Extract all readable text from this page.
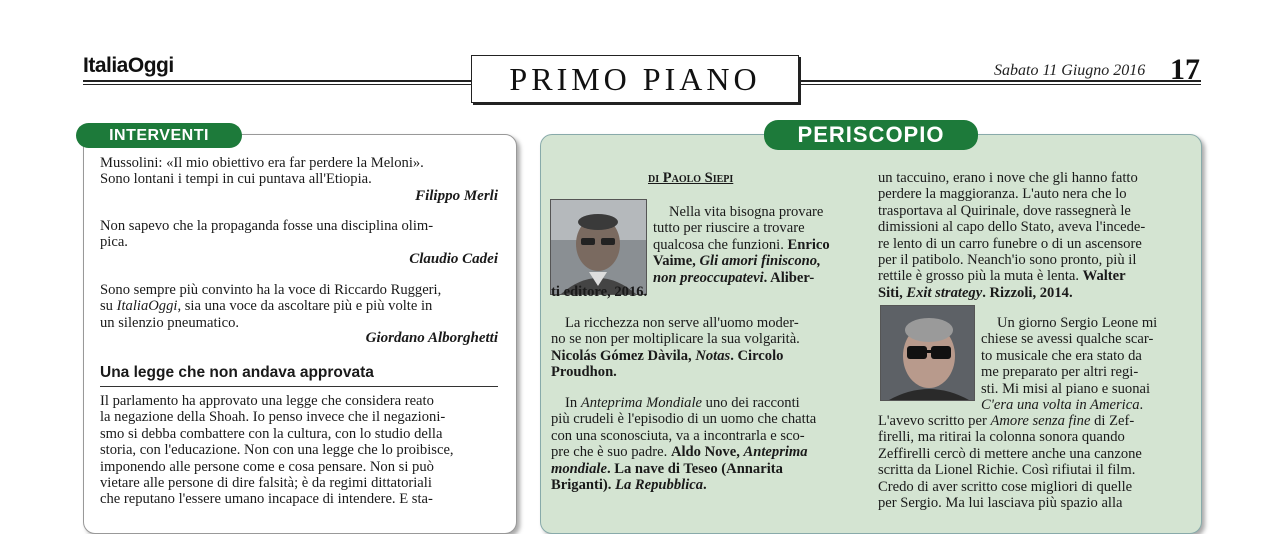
ItaliaOggi	PRIMO PIANO	Sabato 11 Giugno 2016 17
INTERVENTI
Mussolini: «Il mio obiettivo era far perdere la Meloni».
Sono lontani i tempi in cui puntava all'Etiopia.
Filippo Merli
Non sapevo che la propaganda fosse una disciplina olim-
pica.
Claudio Cadei
Sono sempre più convinto ha la voce di Riccardo Ruggeri,
su ItaliaOggi, sia una voce da ascoltare più e più volte in
un silenzio pneumatico.
Giordano Alborghetti
Una legge che non andava approvata
Il parlamento ha approvato una legge che considera reato
la negazione della Shoah. Io penso invece che il negazioni-
smo si debba combattere con la cultura, con lo studio della
storia, con l'educazione. Non con una legge che lo proibisce,
imponendo alle persone come e cosa pensare. Non si può
vietare alle persone di dire falsità; è da regimi dittatoriali
che reputano l'essere umano incapace di intendere. E sta-
PERISCOPIO
di Paolo Siepi
Nella vita bisogna provare
tutto per riuscire a trovare
qualcosa che funzioni. Enrico
Vaime, Gli amori finiscono,
non preoccupatevi. Aliber-
ti editore, 2016.
La ricchezza non serve all'uomo moder-
no se non per moltiplicare la sua volgarità.
Nicolás Gómez Dàvila, Notas. Circolo
Proudhon.
In Anteprima Mondiale uno dei racconti
più crudeli è l'episodio di un uomo che chatta
con una sconosciuta, va a incontrarla e sco-
pre che è suo padre. Aldo Nove, Anteprima
mondiale. La nave di Teseo (Annarita
Briganti). La Repubblica.
un taccuino, erano i nove che gli hanno fatto
perdere la maggioranza. L'auto nera che lo
trasportava al Quirinale, dove rassegnerà le
dimissioni al capo dello Stato, aveva l'incede-
re lento di un carro funebre o di un ascensore
per il patibolo. Neanch'io sono pronto, più il
rettile è grosso più la muta è lenta. Walter
Siti, Exit strategy. Rizzoli, 2014.
Un giorno Sergio Leone mi
chiese se avessi qualche scar-
to musicale che era stato da
me preparato per altri regi-
sti. Mi misi al piano e suonai
C'era una volta in America.
L'avevo scritto per Amore senza fine di Zef-
firelli, ma ritirai la colonna sonora quando
Zeffirelli cercò di mettere anche una canzone
scritta da Lionel Richie. Così rifiutai il film.
Credo di aver scritto cose migliori di quelle
per Sergio. Ma lui lasciava più spazio alla
